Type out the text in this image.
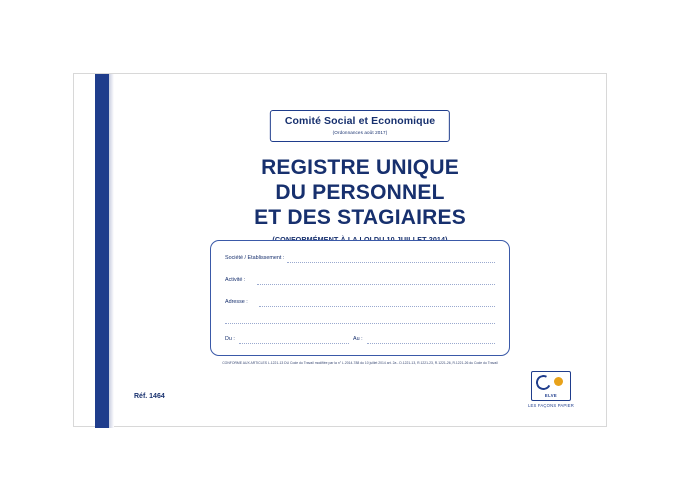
Comité Social et Economique
(Ordonnances août 2017)
REGISTRE UNIQUE
DU PERSONNEL
ET DES STAGIAIRES
Société / Etablissement :
Activité :
Adresse :
Du :	Au :
CONFORME AUX ARTICLES L.1221-13 DU Code du Travail modifiée par la n° L.2014-788 du 10 juillet 2014 art. 2a - D.1221-13, R.1221-23, R.1221-26, R.1221-26 du Code du Travail
Réf. 1464	ELVE
LES FAÇONS PAPIER
